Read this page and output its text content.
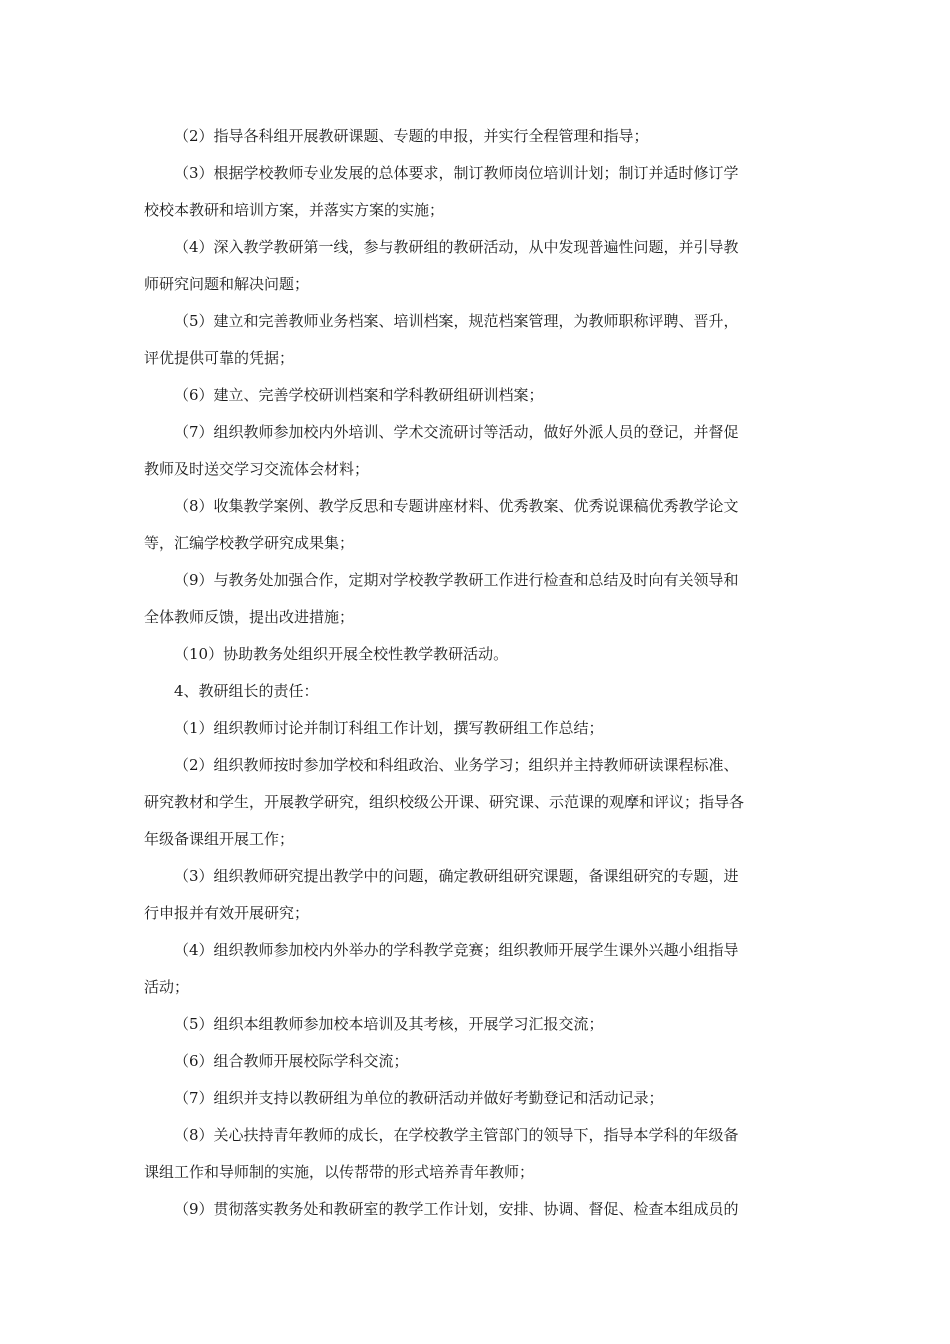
（2）指导各科组开展教研课题、专题的申报，并实行全程管理和指导；
（3）根据学校教师专业发展的总体要求，制订教师岗位培训计划；制订并适时修订学
校校本教研和培训方案，并落实方案的实施；
（4）深入教学教研第一线，参与教研组的教研活动，从中发现普遍性问题，并引导教
师研究问题和解决问题；
（5）建立和完善教师业务档案、培训档案，规范档案管理，为教师职称评聘、晋升，
评优提供可靠的凭据；
（6）建立、完善学校研训档案和学科教研组研训档案；
（7）组织教师参加校内外培训、学术交流研讨等活动，做好外派人员的登记，并督促
教师及时送交学习交流体会材料；
（8）收集教学案例、教学反思和专题讲座材料、优秀教案、优秀说课稿优秀教学论文
等，汇编学校教学研究成果集；
（9）与教务处加强合作，定期对学校教学教研工作进行检查和总结及时向有关领导和
全体教师反馈，提出改进措施；
（10）协助教务处组织开展全校性教学教研活动。
4、教研组长的责任：
（1）组织教师讨论并制订科组工作计划，撰写教研组工作总结；
（2）组织教师按时参加学校和科组政治、业务学习；组织并主持教师研读课程标准、
研究教材和学生，开展教学研究，组织校级公开课、研究课、示范课的观摩和评议；指导各
年级备课组开展工作；
（3）组织教师研究提出教学中的问题，确定教研组研究课题，备课组研究的专题，进
行申报并有效开展研究；
（4）组织教师参加校内外举办的学科教学竞赛；组织教师开展学生课外兴趣小组指导
活动；
（5）组织本组教师参加校本培训及其考核，开展学习汇报交流；
（6）组合教师开展校际学科交流；
（7）组织并支持以教研组为单位的教研活动并做好考勤登记和活动记录；
（8）关心扶持青年教师的成长，在学校教学主管部门的领导下，指导本学科的年级备
课组工作和导师制的实施，以传帮带的形式培养青年教师；
（9）贯彻落实教务处和教研室的教学工作计划，安排、协调、督促、检查本组成员的
